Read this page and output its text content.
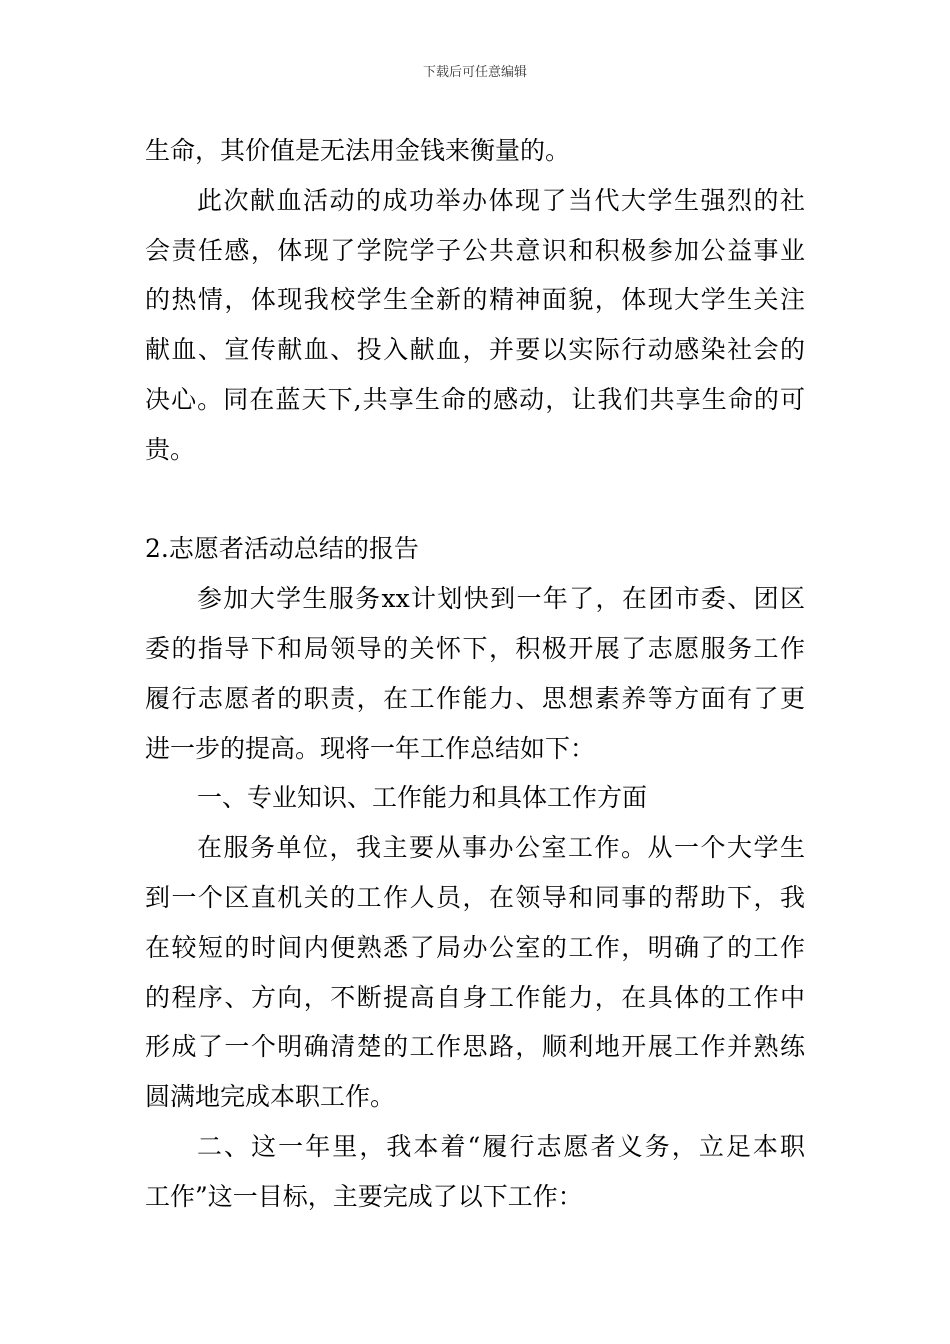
下载后可任意编辑
生命，其价值是无法用金钱来衡量的。
此次献血活动的成功举办体现了当代大学生强烈的社
会责任感，体现了学院学子公共意识和积极参加公益事业
的热情，体现我校学生全新的精神面貌，体现大学生关注
献血、宣传献血、投入献血，并要以实际行动感染社会的
决心。同在蓝天下,共享生命的感动，让我们共享生命的可
贵。
2.志愿者活动总结的报告
参加大学生服务xx计划快到一年了，在团市委、团区
委的指导下和局领导的关怀下，积极开展了志愿服务工作
履行志愿者的职责，在工作能力、思想素养等方面有了更
进一步的提高。现将一年工作总结如下：
一、专业知识、工作能力和具体工作方面
在服务单位，我主要从事办公室工作。从一个大学生
到一个区直机关的工作人员，在领导和同事的帮助下，我
在较短的时间内便熟悉了局办公室的工作，明确了的工作
的程序、方向，不断提高自身工作能力，在具体的工作中
形成了一个明确清楚的工作思路，顺利地开展工作并熟练
圆满地完成本职工作。
二、这一年里，我本着“履行志愿者义务，立足本职
工作”这一目标，主要完成了以下工作：
